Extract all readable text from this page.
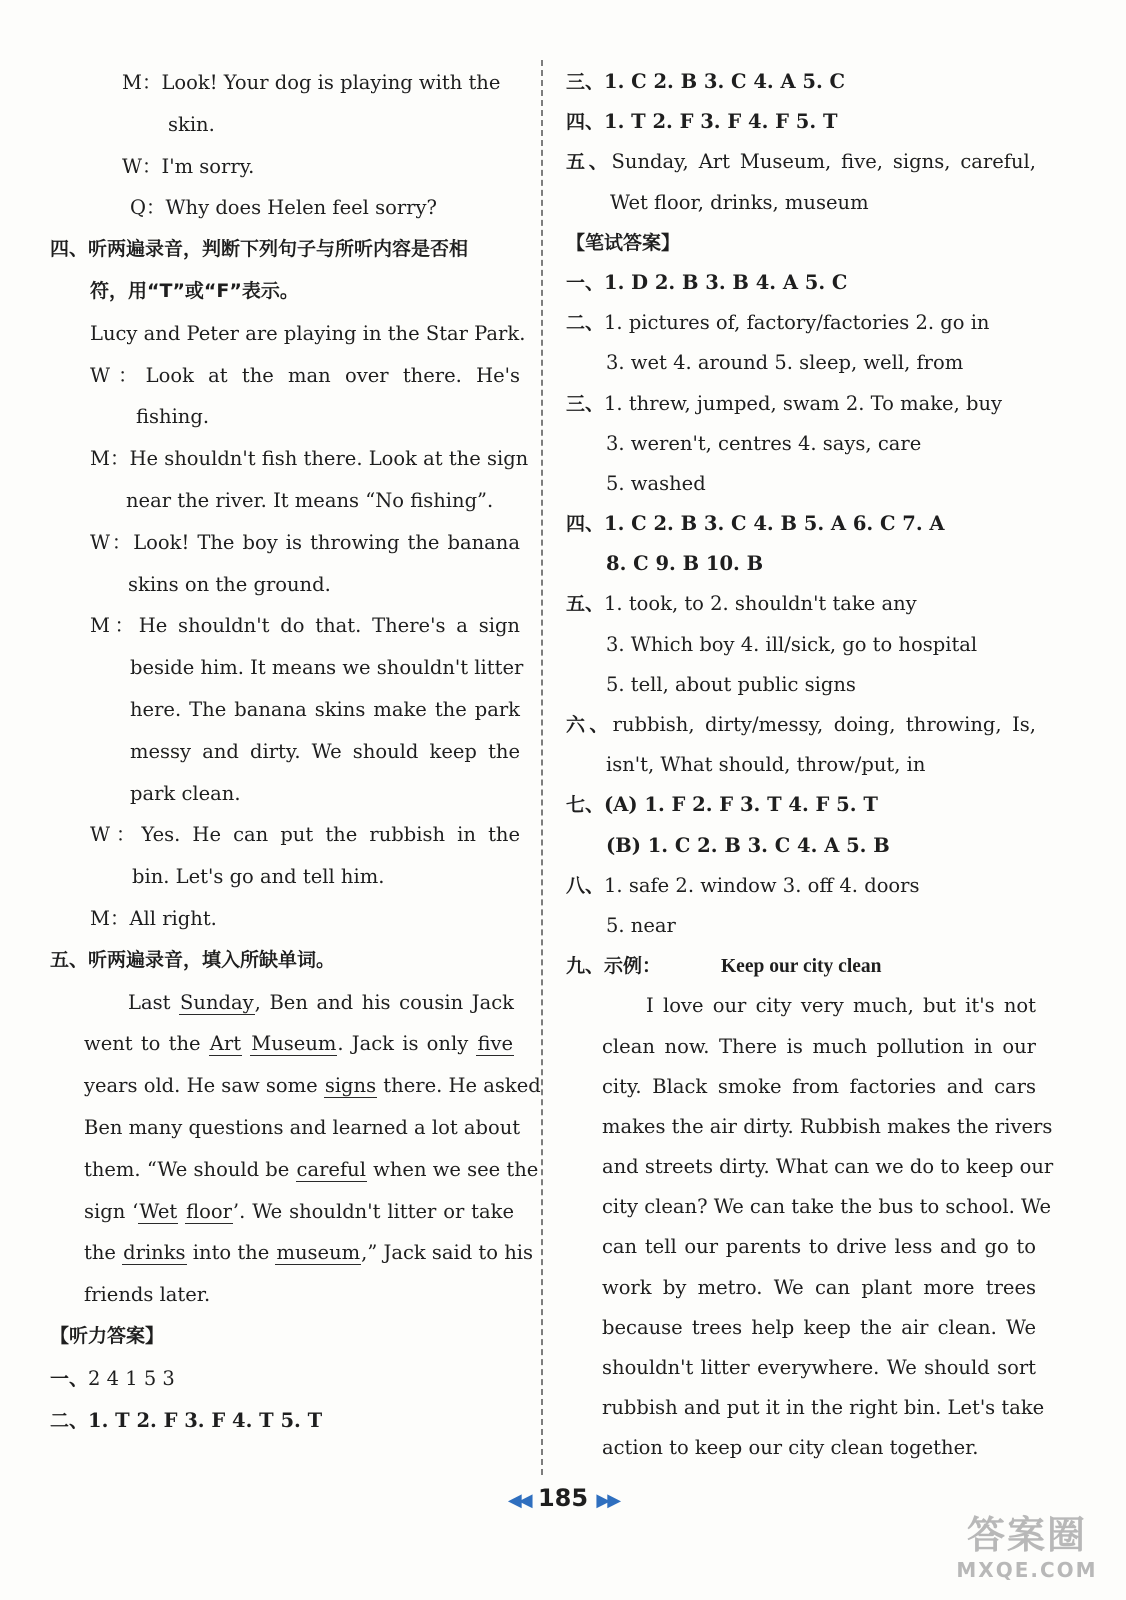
M：Look! Your dog is playing with the
skin.
W：I'm sorry.
Q：Why does Helen feel sorry?
四、听两遍录音，判断下列句子与所听内容是否相
符，用“T”或“F”表示。
Lucy and Peter are playing in the Star Park.
W：Look at the man over there. He's
fishing.
M：He shouldn't fish there. Look at the sign
near the river. It means “No fishing”.
W：Look! The boy is throwing the banana
skins on the ground.
M：He shouldn't do that. There's a sign
beside him. It means we shouldn't litter
here. The banana skins make the park
messy and dirty. We should keep the
park clean.
W：Yes. He can put the rubbish in the
bin. Let's go and tell him.
M：All right.
五、听两遍录音，填入所缺单词。
Last Sunday, Ben and his cousin Jack
went to the Art Museum. Jack is only five
years old. He saw some signs there. He asked
Ben many questions and learned a lot about
them. “We should be careful when we see the
sign ‘Wet floor’. We shouldn't litter or take
the drinks into the museum,” Jack said to his
friends later.
【听力答案】
一、2 4 1 5 3
二、1. T 2. F 3. F 4. T 5. T
三、1. C 2. B 3. C 4. A 5. C
四、1. T 2. F 3. F 4. F 5. T
五、Sunday, Art Museum, five, signs, careful,
Wet floor, drinks, museum
【笔试答案】
一、1. D 2. B 3. B 4. A 5. C
二、1. pictures of, factory/factories 2. go in
3. wet 4. around 5. sleep, well, from
三、1. threw, jumped, swam 2. To make, buy
3. weren't, centres 4. says, care
5. washed
四、1. C 2. B 3. C 4. B 5. A 6. C 7. A
8. C 9. B 10. B
五、1. took, to 2. shouldn't take any
3. Which boy 4. ill/sick, go to hospital
5. tell, about public signs
六、rubbish, dirty/messy, doing, throwing, Is,
isn't, What should, throw/put, in
七、(A) 1. F 2. F 3. T 4. F 5. T
(B) 1. C 2. B 3. C 4. A 5. B
八、1. safe 2. window 3. off 4. doors
5. near
九、示例：	Keep our city clean
I love our city very much, but it's not
clean now. There is much pollution in our
city. Black smoke from factories and cars
makes the air dirty. Rubbish makes the rivers
and streets dirty. What can we do to keep our
city clean? We can take the bus to school. We
can tell our parents to drive less and go to
work by metro. We can plant more trees
because trees help keep the air clean. We
shouldn't litter everywhere. We should sort
rubbish and put it in the right bin. Let's take
action to keep our city clean together.
◀◀ 185 ▶▶
答案圈
MXQE.COM
